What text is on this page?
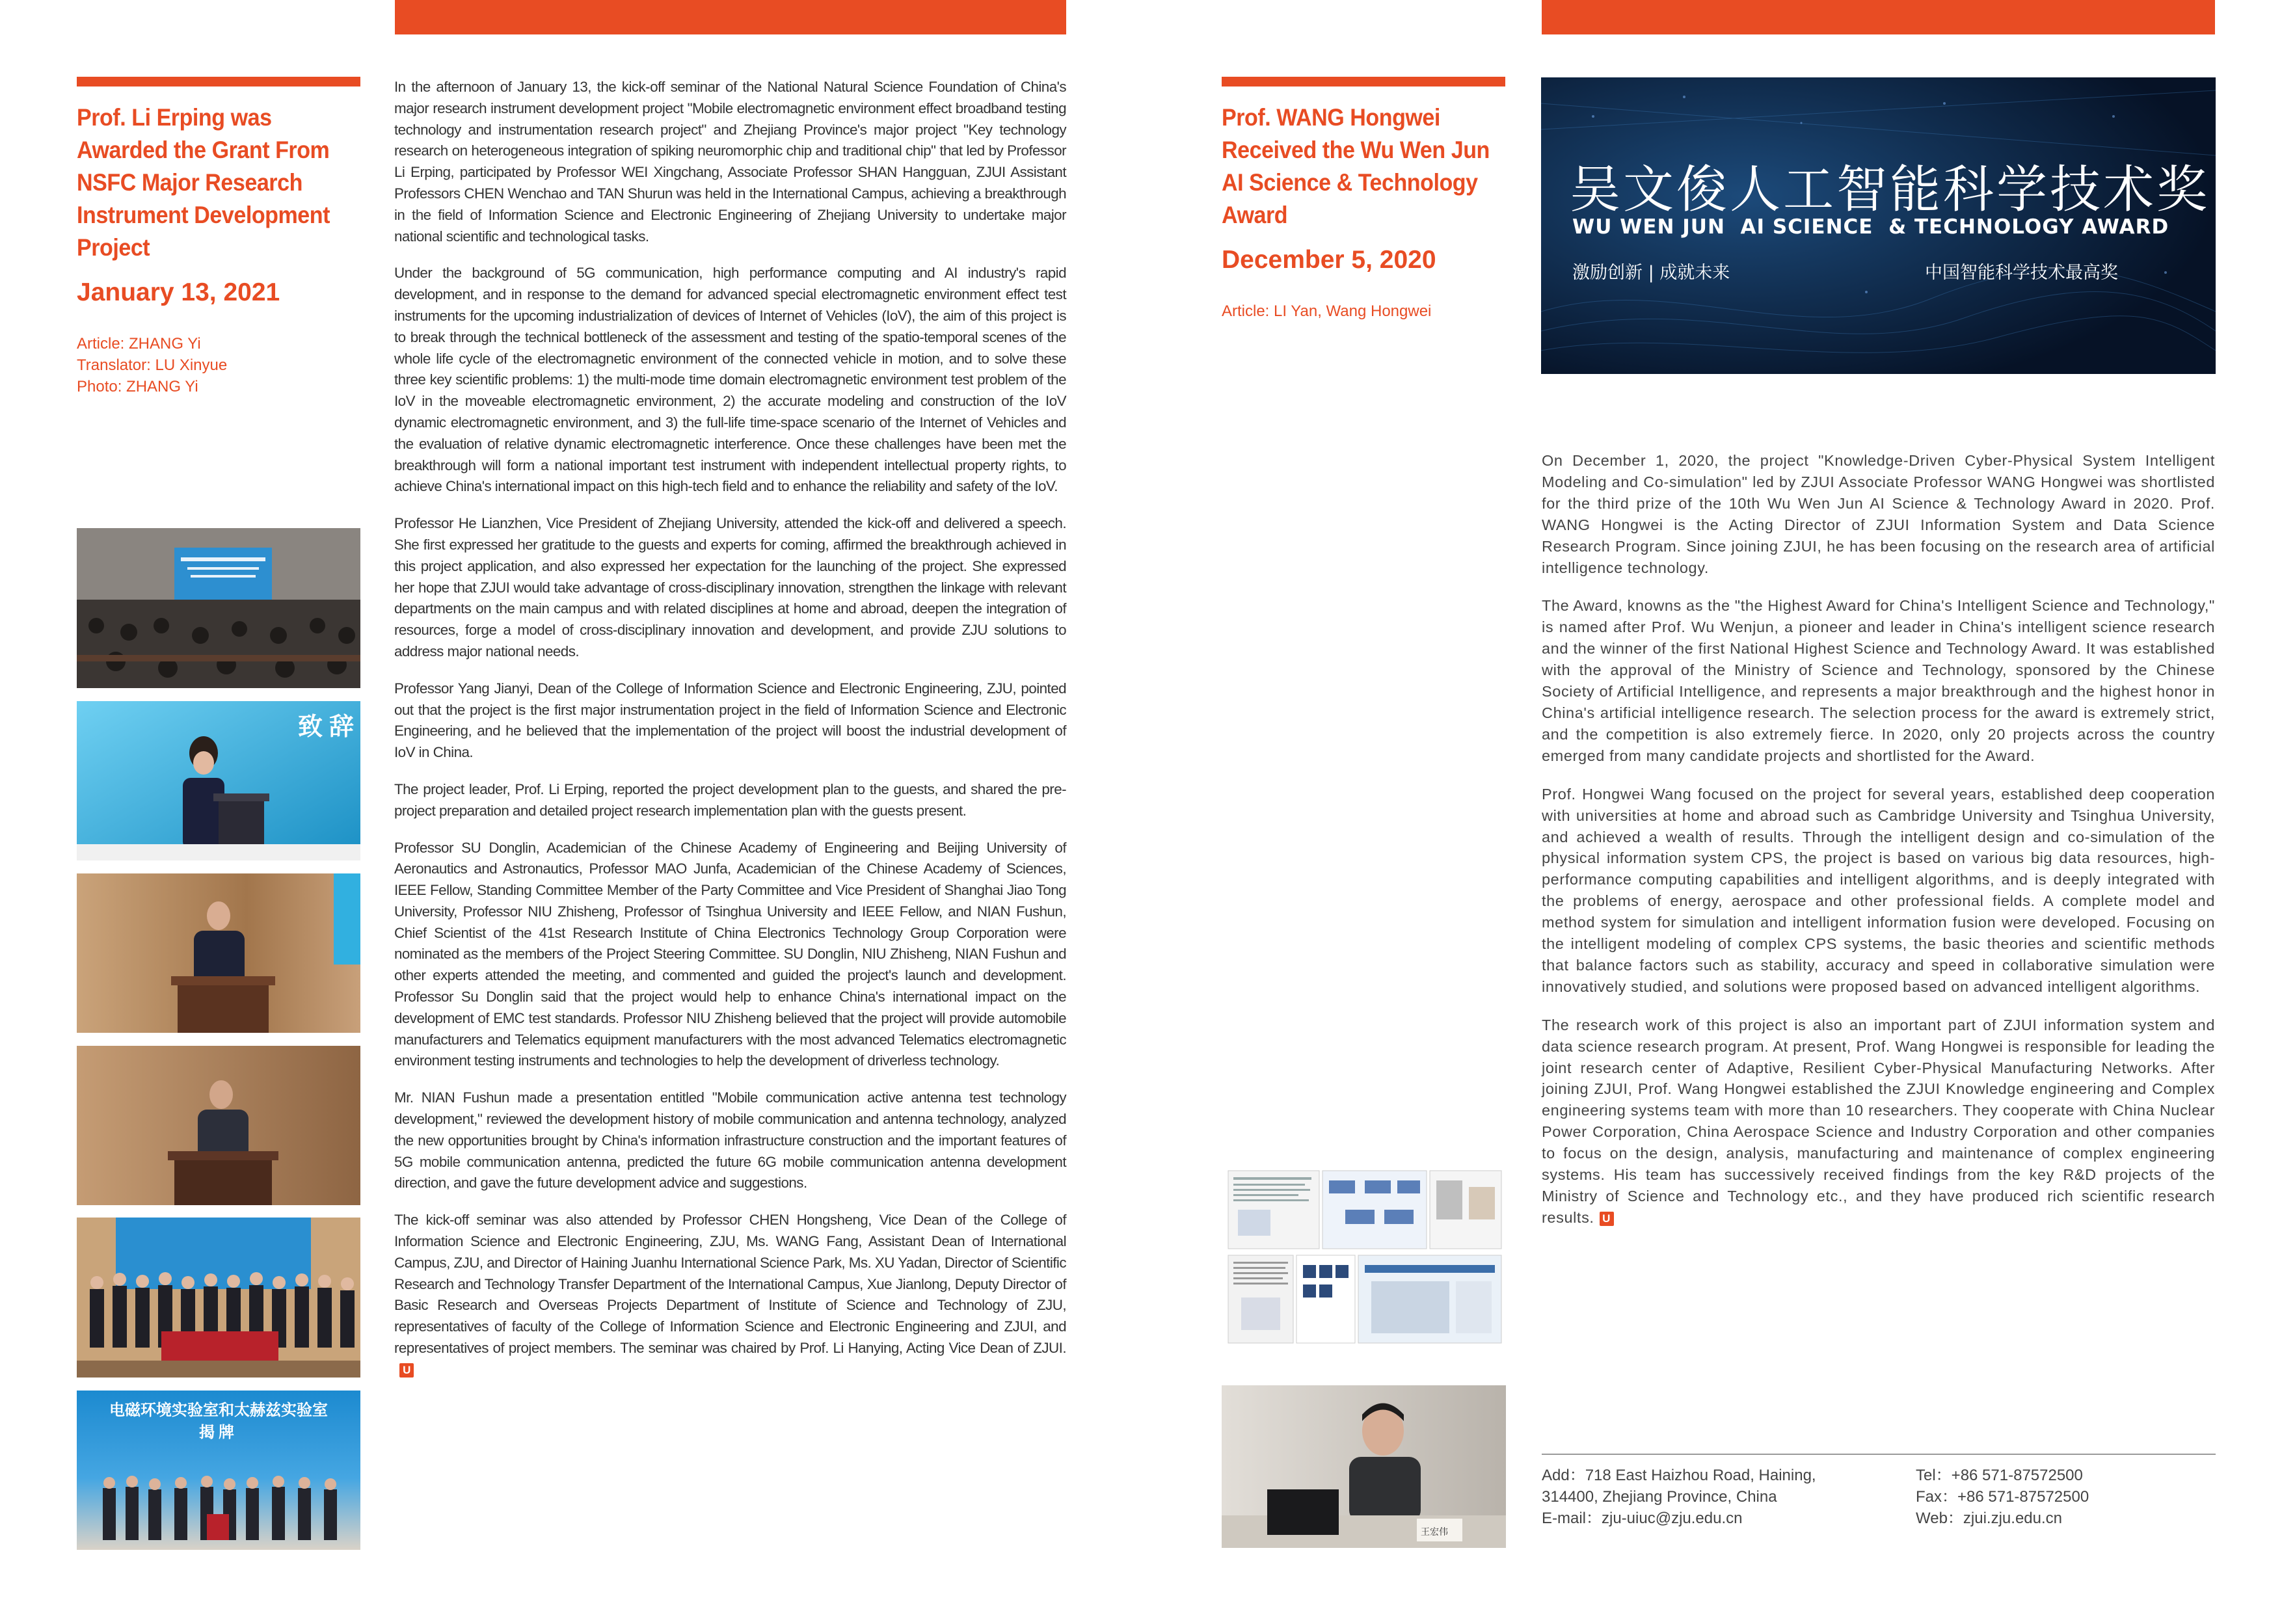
Prof. Li Erping was Awarded the Grant From NSFC Major Research Instrument Development Project
January 13, 2021
Article: ZHANG Yi
Translator: LU Xinyue
Photo: ZHANG Yi
致辞
电磁环境实验室和太赫兹实验室
揭牌

In the afternoon of January 13, the kick-off seminar of the National Natural Science Foundation of China's major research instrument development project "Mobile electromagnetic environment effect broadband testing technology and instrumentation research project" and Zhejiang Province's major project "Key technology research on heterogeneous integration of spiking neuromorphic chip and traditional chip" that led by Professor Li Erping, participated by Professor WEI Xingchang, Associate Professor SHAN Hangguan, ZJUI Assistant Professors CHEN Wenchao and TAN Shurun was held in the International Campus, achieving a breakthrough in the field of Information Science and Electronic Engineering of Zhejiang University to undertake major national scientific and technological tasks.

Under the background of 5G communication, high performance computing and AI industry's rapid development, and in response to the demand for advanced special electromagnetic environment effect test instruments for the upcoming industrialization of devices of Internet of Vehicles (IoV), the aim of this project is to break through the technical bottleneck of the assessment and testing of the spatio-temporal scenes of the whole life cycle of the electromagnetic environment of the connected vehicle in motion, and to solve these three key scientific problems: 1) the multi-mode time domain electromagnetic environment test problem of the IoV in the moveable electromagnetic environment, 2) the accurate modeling and construction of the IoV dynamic electromagnetic environment, and 3) the full-life time-space scenario of the Internet of Vehicles and the evaluation of relative dynamic electromagnetic interference. Once these challenges have been met the breakthrough will form a national important test instrument with independent intellectual property rights, to achieve China's international impact on this high-tech field and to enhance the reliability and safety of the IoV.

Professor He Lianzhen, Vice President of Zhejiang University, attended the kick-off and delivered a speech. She first expressed her gratitude to the guests and experts for coming, affirmed the breakthrough achieved in this project application, and also expressed her expectation for the launching of the project. She expressed her hope that ZJUI would take advantage of cross-disciplinary innovation, strengthen the linkage with relevant departments on the main campus and with related disciplines at home and abroad, deepen the integration of resources, forge a model of cross-disciplinary innovation and development, and provide ZJU solutions to address major national needs.

Professor Yang Jianyi, Dean of the College of Information Science and Electronic Engineering, ZJU, pointed out that the project is the first major instrumentation project in the field of Information Science and Electronic Engineering, and he believed that the implementation of the project will boost the industrial development of IoV in China.

The project leader, Prof. Li Erping, reported the project development plan to the guests, and shared the pre-project preparation and detailed project research implementation plan with the guests present.

Professor SU Donglin, Academician of the Chinese Academy of Engineering and Beijing University of Aeronautics and Astronautics, Professor MAO Junfa, Academician of the Chinese Academy of Sciences, IEEE Fellow, Standing Committee Member of the Party Committee and Vice President of Shanghai Jiao Tong University, Professor NIU Zhisheng, Professor of Tsinghua University and IEEE Fellow, and NIAN Fushun, Chief Scientist of the 41st Research Institute of China Electronics Technology Group Corporation were nominated as the members of the Project Steering Committee. SU Donglin, NIU Zhisheng, NIAN Fushun and other experts attended the meeting, and commented and guided the project's launch and development. Professor Su Donglin said that the project would help to enhance China's international impact on the development of EMC test standards. Professor NIU Zhisheng believed that the project will provide automobile manufacturers and Telematics equipment manufacturers with the most advanced Telematics electromagnetic environment testing instruments and technologies to help the development of driverless technology.

Mr. NIAN Fushun made a presentation entitled "Mobile communication active antenna test technology development," reviewed the development history of mobile communication and antenna technology, analyzed the new opportunities brought by China's information infrastructure construction and the important features of 5G mobile communication antenna, predicted the future 6G mobile communication antenna development direction, and gave the future development advice and suggestions.

The kick-off seminar was also attended by Professor CHEN Hongsheng, Vice Dean of the College of Information Science and Electronic Engineering, ZJU, Ms. WANG Fang, Assistant Dean of International Campus, ZJU, and Director of Haining Juanhu International Science Park, Ms. XU Yadan, Director of Scientific Research and Technology Transfer Department of the International Campus, Xue Jianlong, Deputy Director of Basic Research and Overseas Projects Department of Institute of Science and Technology of ZJU, representatives of faculty of the College of Information Science and Electronic Engineering and ZJUI, and representatives of project members. The seminar was chaired by Prof. Li Hanying, Acting Vice Dean of ZJUI.U

Prof. WANG Hongwei Received the Wu Wen Jun AI Science & Technology Award
December 5, 2020
Article: LI Yan, Wang Hongwei
吴文俊人工智能科学技术奖
WU WEN JUN  AI SCIENCE  & TECHNOLOGY AWARD
激励创新 | 成就未来	中国智能科学技术最高奖

On December 1, 2020, the project "Knowledge-Driven Cyber-Physical System Intelligent Modeling and Co-simulation" led by ZJUI Associate Professor WANG Hongwei was shortlisted for the third prize of the 10th Wu Wen Jun AI Science & Technology Award in 2020. Prof. WANG Hongwei is the Acting Director of ZJUI Information System and Data Science Research Program. Since joining ZJUI, he has been focusing on the research area of artificial intelligence technology.

The Award, knowns as the "the Highest Award for China's Intelligent Science and Technology," is named after Prof. Wu Wenjun, a pioneer and leader in China's intelligent science research and the winner of the first National Highest Science and Technology Award. It was established with the approval of the Ministry of Science and Technology, sponsored by the Chinese Society of Artificial Intelligence, and represents a major breakthrough and the highest honor in China's artificial intelligence research. The selection process for the award is extremely strict, and the competition is also extremely fierce. In 2020, only 20 projects across the country emerged from many candidate projects and shortlisted for the Award.

Prof. Hongwei Wang focused on the project for several years, established deep cooperation with universities at home and abroad such as Cambridge University and Tsinghua University, and achieved a wealth of results. Through the intelligent design and co-simulation of the physical information system CPS, the project is based on various big data resources, high-performance computing capabilities and intelligent algorithms, and is deeply integrated with the problems of energy, aerospace and other professional fields. A complete model and method system for simulation and intelligent information fusion were developed. Focusing on the intelligent modeling of complex CPS systems, the basic theories and scientific methods that balance factors such as stability, accuracy and speed in collaborative simulation were innovatively studied, and solutions were proposed based on advanced intelligent algorithms.

The research work of this project is also an important part of ZJUI information system and data science research program. At present, Prof. Wang Hongwei is responsible for leading the joint research center of Adaptive, Resilient Cyber-Physical Manufacturing Networks. After joining ZJUI, Prof. Wang Hongwei established the ZJUI Knowledge engineering and Complex engineering systems team with more than 10 researchers. They cooperate with China Nuclear Power Corporation, China Aerospace Science and Industry Corporation and other companies to focus on the design, analysis, manufacturing and maintenance of complex engineering systems. His team has successively received findings from the key R&D projects of the Ministry of Science and Technology etc., and they have produced rich scientific research results. U

王宏伟
Add：718 East Haizhou Road, Haining,
314400, Zhejiang Province, China
E-mail：zju-uiuc@zju.edu.cn
Tel：+86 571-87572500
Fax：+86 571-87572500
Web：zjui.zju.edu.cn
